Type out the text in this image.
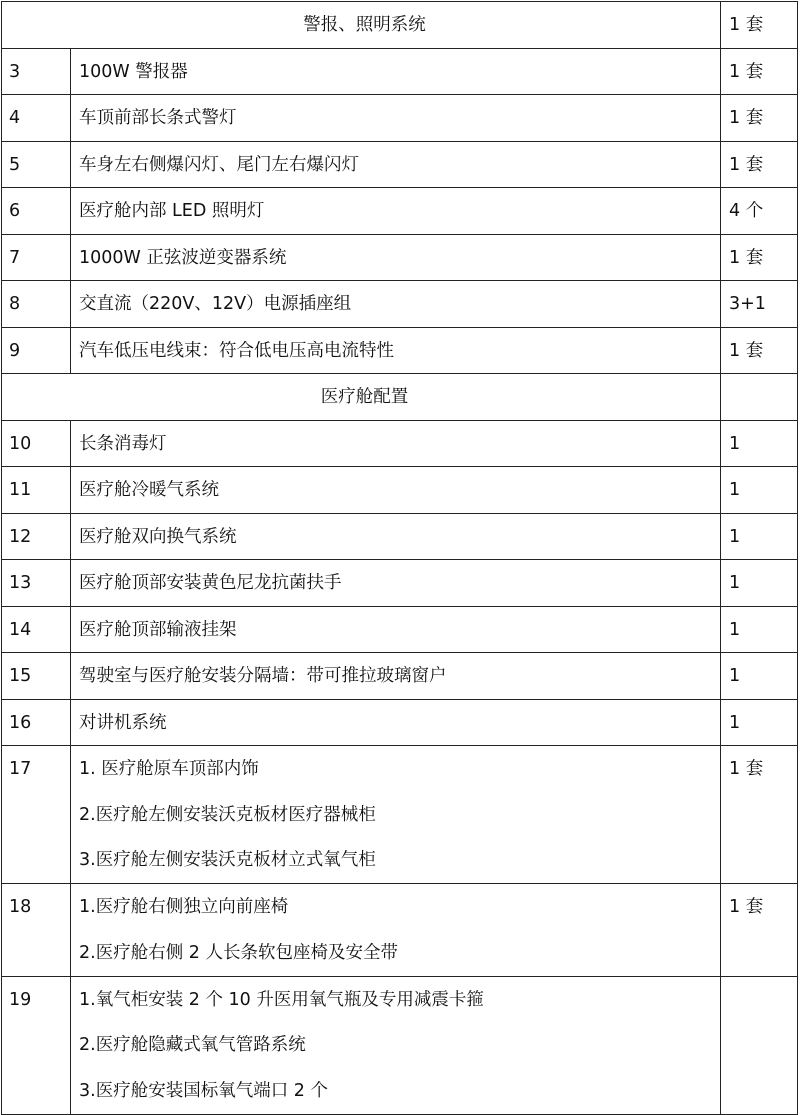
警报、照明系统		1 套

3	100W 警报器	1 套

4	车顶前部长条式警灯	1 套

5	车身左右侧爆闪灯、尾门左右爆闪灯	1 套

6	医疗舱内部 LED 照明灯	4 个

7	1000W 正弦波逆变器系统	1 套

8	交直流（220V、12V）电源插座组	3+1

9	汽车低压电线束：符合低电压高电流特性	1 套

医疗舱配置		

10	长条消毒灯	1

11	医疗舱冷暖气系统	1

12	医疗舱双向换气系统	1

13	医疗舱顶部安装黄色尼龙抗菌扶手	1

14	医疗舱顶部输液挂架	1

15	驾驶室与医疗舱安装分隔墙：带可推拉玻璃窗户	1

16	对讲机系统	1

17	1. 医疗舱原车顶部内饰
2.医疗舱左侧安装沃克板材医疗器械柜
3.医疗舱左侧安装沃克板材立式氧气柜	1 套

18	1.医疗舱右侧独立向前座椅
2.医疗舱右侧 2 人长条软包座椅及安全带	1 套

19	1.氧气柜安装 2 个 10 升医用氧气瓶及专用减震卡箍
2.医疗舱隐藏式氧气管路系统
3.医疗舱安装国标氧气端口 2 个	
